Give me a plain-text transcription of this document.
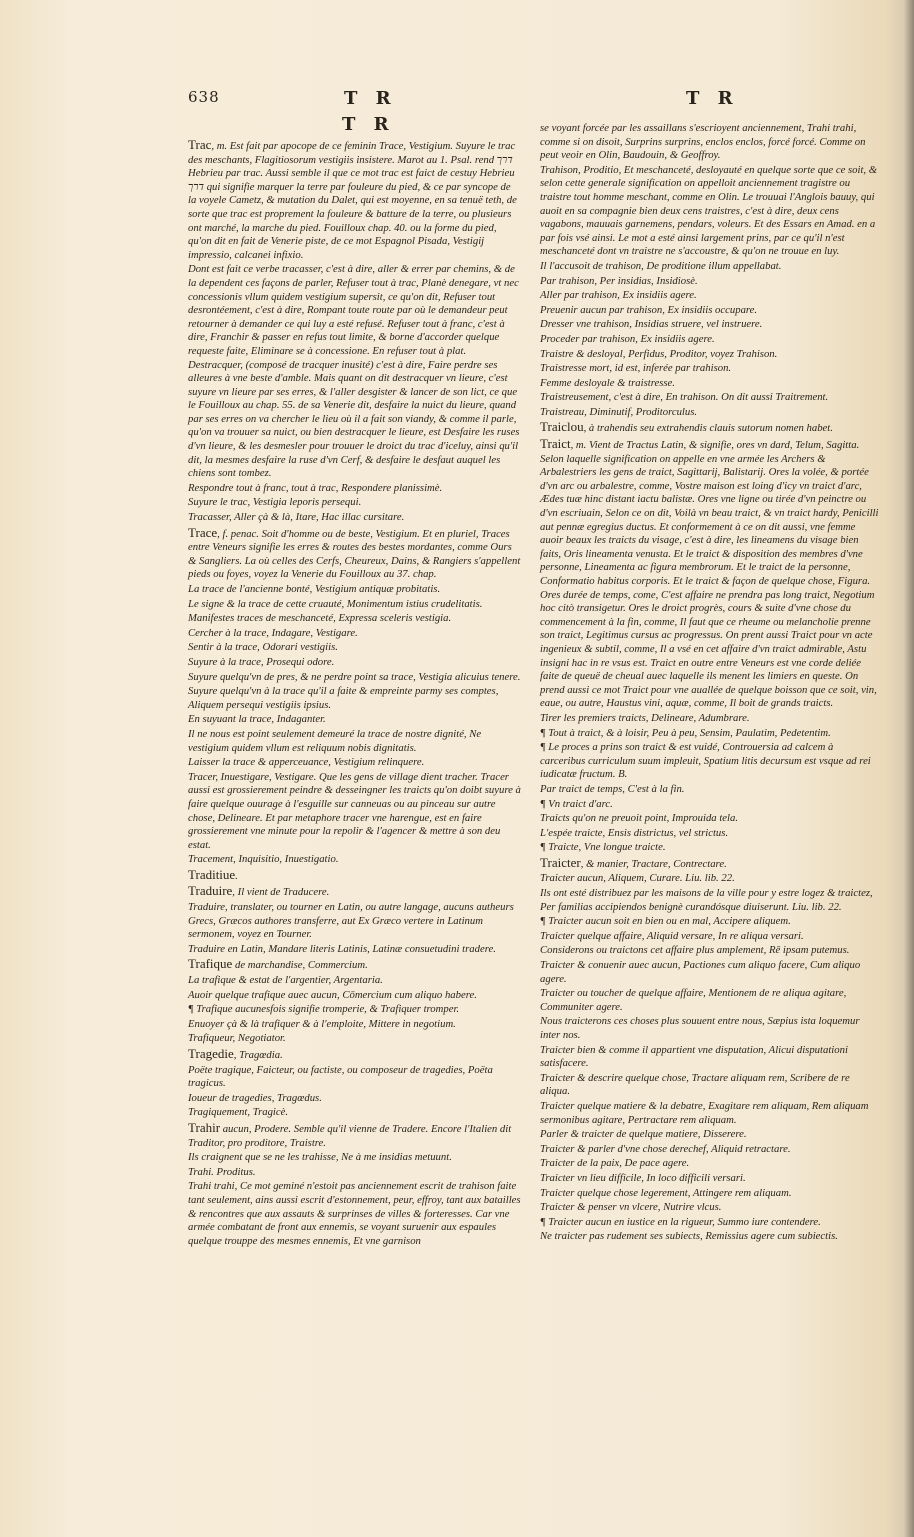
638	T R	T R
T R

Trac, m. Est fait par apocope de ce feminin Trace, Vestigium. Suyure le trac des meschants, Flagitiosorum vestigiis insistere. Marot au 1. Psal. rend דרך Hebrieu par trac. Aussi semble il que ce mot trac est faict de cestuy Hebrieu דרך qui signifie marquer la terre par fouleure du pied, & ce par syncope de la voyele Cametz, & mutation du Dalet, qui est moyenne, en sa tenuë teth, de sorte que trac est proprement la fouleure & batture de la terre, ou plusieurs ont marché, la marche du pied. Fouilloux chap. 40. ou la forme du pied, qu'on dit en fait de Venerie piste, de ce mot Espagnol Pisada, Vestigij impressio, calcanei infixio.

Dont est fait ce verbe tracasser, c'est à dire, aller & errer par chemins, & de la dependent ces façons de parler, Refuser tout à trac, Planè denegare, vt nec concessionis vllum quidem vestigium supersit, ce qu'on dit, Refuser tout desrontéement, c'est à dire, Rompant toute route par où le demandeur peut retourner à demander ce qui luy a esté refusé. Refuser tout à franc, c'est à dire, Franchir & passer en refus tout limite, & borne d'accorder quelque requeste faite, Eliminare se à concessione. En refuser tout à plat. Destracquer, (composé de tracquer inusité) c'est à dire, Faire perdre ses alleures à vne beste d'amble. Mais quant on dit destracquer vn lieure, c'est suyure vn lieure par ses erres, & l'aller desgister & lancer de son lict, ce que le Fouilloux au chap. 55. de sa Venerie dit, desfaire la nuict du lieure, quand par ses erres on va chercher le lieu où il a fait son viandy, & comme il parle, qu'on va trouuer sa nuict, ou bien destracquer le lieure, est Desfaire les ruses d'vn lieure, & les desmesler pour trouuer le droict du trac d'iceluy, ainsi qu'il dit, la mesmes desfaire la ruse d'vn Cerf, & desfaire le desfaut auquel les chiens sont tombez.

Respondre tout à franc, tout à trac, Respondere planissimè.

Suyure le trac, Vestigia leporis persequi.

Tracasser, Aller çà & là, Itare, Hac illac cursitare.

Trace, f. penac. Soit d'homme ou de beste, Vestigium. Et en pluriel, Traces entre Veneurs signifie les erres & routes des bestes mordantes, comme Ours & Sangliers. La où celles des Cerfs, Cheureux, Dains, & Rangiers s'appellent pieds ou foyes, voyez la Venerie du Fouilloux au 37. chap.

La trace de l'ancienne bonté, Vestigium antiquæ probitatis.

Le signe & la trace de cette cruauté, Monimentum istius crudelitatis.

Manifestes traces de meschanceté, Expressa sceleris vestigia.

Cercher à la trace, Indagare, Vestigare.

Sentir à la trace, Odorari vestigiis.

Suyure à la trace, Prosequi odore.

Suyure quelqu'vn de pres, & ne perdre point sa trace, Vestigia alicuius tenere.

Suyure quelqu'vn à la trace qu'il a faite & empreinte parmy ses comptes, Aliquem persequi vestigiis ipsius.

En suyuant la trace, Indaganter.

Il ne nous est point seulement demeuré la trace de nostre dignité, Ne vestigium quidem vllum est reliquum nobis dignitatis.

Laisser la trace & apperceuance, Vestigium relinquere.

Tracer, Inuestigare, Vestigare. Que les gens de village dient tracher. Tracer aussi est grossierement peindre & desseingner les traicts qu'on doibt suyure à faire quelque ouurage à l'esguille sur canneuas ou au pinceau sur autre chose, Delineare. Et par metaphore tracer vne harengue, est en faire grossierement vne minute pour la repolir & l'agencer & mettre à son deu estat.

Tracement, Inquisitio, Inuestigatio.

Traditiue.

Traduire, Il vient de Traducere.

Traduire, translater, ou tourner en Latin, ou autre langage, aucuns autheurs Grecs, Græcos authores transferre, aut Ex Græco vertere in Latinum sermonem, voyez en Tourner.

Traduire en Latin, Mandare literis Latinis, Latinæ consuetudini tradere.

Trafique de marchandise, Commercium.

La trafique & estat de l'argentier, Argentaria.

Auoir quelque trafique auec aucun, Cōmercium cum aliquo habere.

¶ Trafique aucunesfois signifie tromperie, & Trafiquer tromper.

Enuoyer çà & là trafiquer & à l'emploite, Mittere in negotium.

Trafiqueur, Negotiator.

Tragedie, Tragœdia.

Poëte tragique, Faicteur, ou factiste, ou composeur de tragedies, Poëta tragicus.

Ioueur de tragedies, Tragœdus.

Tragiquement, Tragicè.

Trahir aucun, Prodere. Semble qu'il vienne de Tradere. Encore l'Italien dit Traditor, pro proditore, Traistre.

Ils craignent que se ne les trahisse, Ne à me insidias metuunt.

Trahi. Proditus.

Trahi trahi, Ce mot geminé n'estoit pas anciennement escrit de trahison faite tant seulement, ains aussi escrit d'estonnement, peur, effroy, tant aux batailles & rencontres que aux assauts & surprinses de villes & forteresses. Car vne armée combatant de front aux ennemis, se voyant suruenir aux espaules quelque trouppe des mesmes ennemis, Et vne garnison

se voyant forcée par les assaillans s'escrioyent anciennement, Trahi trahi, comme si on disoit, Surprins surprins, enclos enclos, forcé forcé. Comme on peut veoir en Olin, Baudouin, & Geoffroy.

Trahison, Proditio, Et meschanceté, desloyauté en quelque sorte que ce soit, & selon cette generale signification on appelloit anciennement tragistre ou traistre tout homme meschant, comme en Olin. Le trouuai l'Anglois bauuy, qui auoit en sa compagnie bien deux cens traistres, c'est à dire, deux cens vagabons, mauuais garnemens, pendars, voleurs. Et des Essars en Amad. en a par fois vsé ainsi. Le mot a esté ainsi largement prins, par ce qu'il n'est meschanceté dont vn traistre ne s'accoustre, & qu'on ne trouue en luy.

Il l'accusoit de trahison, De proditione illum appellabat.

Par trahison, Per insidias, Insidiosè.

Aller par trahison, Ex insidiis agere.

Preuenir aucun par trahison, Ex insidiis occupare.

Dresser vne trahison, Insidias struere, vel instruere.

Proceder par trahison, Ex insidiis agere.

Traistre & desloyal, Perfidus, Proditor, voyez Trahison.

Traistresse mort, id est, inferée par trahison.

Femme desloyale & traistresse.

Traistreusement, c'est à dire, En trahison. On dit aussi Traitrement.

Traistreau, Diminutif, Proditorculus.

Traiclou, à trahendis seu extrahendis clauis sutorum nomen habet.

Traict, m. Vient de Tractus Latin, & signifie, ores vn dard, Telum, Sagitta. Selon laquelle signification on appelle en vne armée les Archers & Arbalestriers les gens de traict, Sagittarij, Balistarij. Ores la volée, & portée d'vn arc ou arbalestre, comme, Vostre maison est loing d'icy vn traict d'arc, Ædes tuæ hinc distant iactu balistæ. Ores vne ligne ou tirée d'vn peinctre ou d'vn escriuain, Selon ce on dit, Voilà vn beau traict, & vn traict hardy, Penicilli aut pennæ egregius ductus. Et conformement à ce on dit aussi, vne femme auoir beaux les traicts du visage, c'est à dire, les lineamens du visage bien faits, Oris lineamenta venusta. Et le traict & disposition des membres d'vne personne, Lineamenta ac figura membrorum. Et le traict de la personne, Conformatio habitus corporis. Et le traict & façon de quelque chose, Figura. Ores durée de temps, come, C'est affaire ne prendra pas long traict, Negotium hoc citò transigetur. Ores le droict progrès, cours & suite d'vne chose du commencement à la fin, comme, Il faut que ce rheume ou melancholie prenne son traict, Legitimus cursus ac progressus. On prent aussi Traict pour vn acte ingenieux & subtil, comme, Il a vsé en cet affaire d'vn traict admirable, Astu insigni hac in re vsus est. Traict en outre entre Veneurs est vne corde deliée faite de queuë de cheual auec laquelle ils menent les limiers en queste. On prend aussi ce mot Traict pour vne auallée de quelque boisson que ce soit, vin, eaue, ou autre, Haustus vini, aquæ, comme, Il boit de grands traicts.

Tirer les premiers traicts, Delineare, Adumbrare.

¶ Tout à traict, & à loisir, Peu à peu, Sensim, Paulatim, Pedetentim.

¶ Le proces a prins son traict & est vuidé, Controuersia ad calcem à carceribus curriculum suum impleuit, Spatium litis decursum est vsque ad rei iudicatæ fructum. B.

Par traict de temps, C'est à la fin.

¶ Vn traict d'arc.

Traicts qu'on ne preuoit point, Improuida tela.

L'espée traicte, Ensis districtus, vel strictus.

¶ Traicte, Vne longue traicte.

Traicter, & manier, Tractare, Contrectare.

Traicter aucun, Aliquem, Curare. Liu. lib. 22.

Ils ont esté distribuez par les maisons de la ville pour y estre logez & traictez, Per familias accipiendos benignè curandósque diuiserunt. Liu. lib. 22.

¶ Traicter aucun soit en bien ou en mal, Accipere aliquem.

Traicter quelque affaire, Aliquid versare, In re aliqua versari.

Considerons ou traictons cet affaire plus amplement, Rē ipsam putemus.

Traicter & conuenir auec aucun, Pactiones cum aliquo facere, Cum aliquo agere.

Traicter ou toucher de quelque affaire, Mentionem de re aliqua agitare, Communiter agere.

Nous traicterons ces choses plus souuent entre nous, Sæpius ista loquemur inter nos.

Traicter bien & comme il appartient vne disputation, Alicui disputationi satisfacere.

Traicter & descrire quelque chose, Tractare aliquam rem, Scribere de re aliqua.

Traicter quelque matiere & la debatre, Exagitare rem aliquam, Rem aliquam sermonibus agitare, Pertractare rem aliquam.

Parler & traicter de quelque matiere, Disserere.

Traicter & parler d'vne chose derechef, Aliquid retractare.

Traicter de la paix, De pace agere.

Traicter vn lieu difficile, In loco difficili versari.

Traicter quelque chose legerement, Attingere rem aliquam.

Traicter & penser vn vlcere, Nutrire vlcus.

¶ Traicter aucun en iustice en la rigueur, Summo iure contendere.

Ne traicter pas rudement ses subiects, Remissius agere cum subiectis.
